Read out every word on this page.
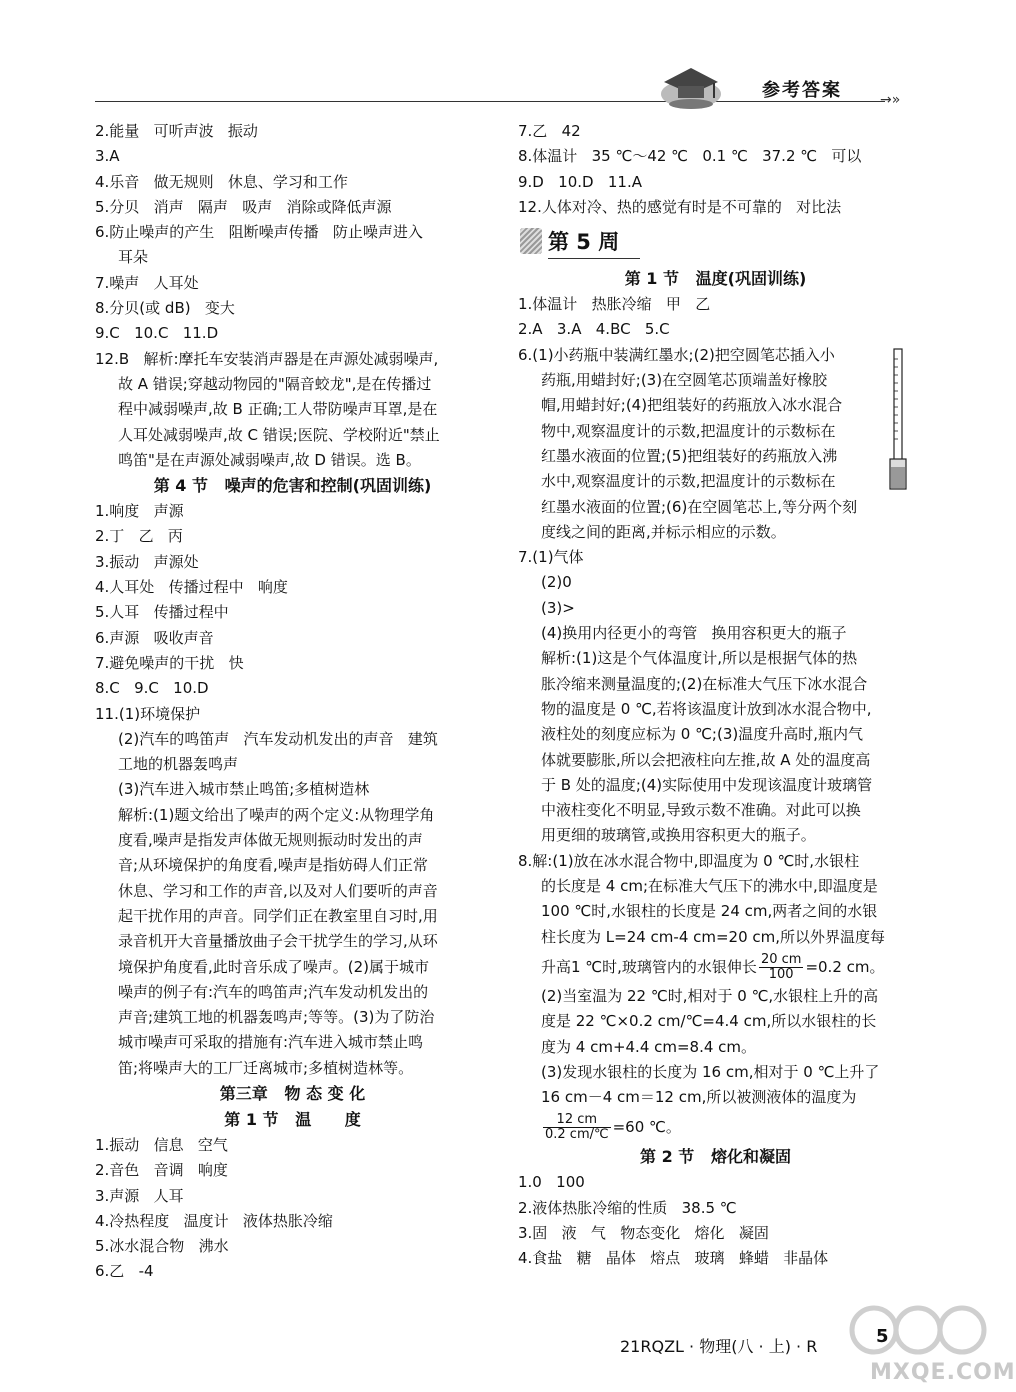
→»
参考答案
2.能量   可听声波   振动
3.A
4.乐音   做无规则   休息、学习和工作
5.分贝   消声   隔声   吸声   消除或降低声源
6.防止噪声的产生   阻断噪声传播   防止噪声进入
耳朵
7.噪声   人耳处
8.分贝(或 dB)   变大
9.C   10.C   11.D
12.B   解析:摩托车安装消声器是在声源处减弱噪声,
故 A 错误;穿越动物园的"隔音蛟龙",是在传播过
程中减弱噪声,故 B 正确;工人带防噪声耳罩,是在
人耳处减弱噪声,故 C 错误;医院、学校附近"禁止
鸣笛"是在声源处减弱噪声,故 D 错误。选 B。
第 4 节   噪声的危害和控制(巩固训练)
1.响度   声源
2.丁   乙   丙
3.振动   声源处
4.人耳处   传播过程中   响度
5.人耳   传播过程中
6.声源   吸收声音
7.避免噪声的干扰   快
8.C   9.C   10.D
11.(1)环境保护
(2)汽车的鸣笛声   汽车发动机发出的声音   建筑
工地的机器轰鸣声
(3)汽车进入城市禁止鸣笛;多植树造林
解析:(1)题文给出了噪声的两个定义:从物理学角
度看,噪声是指发声体做无规则振动时发出的声
音;从环境保护的角度看,噪声是指妨碍人们正常
休息、学习和工作的声音,以及对人们要听的声音
起干扰作用的声音。同学们正在教室里自习时,用
录音机开大音量播放曲子会干扰学生的学习,从环
境保护角度看,此时音乐成了噪声。(2)属于城市
噪声的例子有:汽车的鸣笛声;汽车发动机发出的
声音;建筑工地的机器轰鸣声;等等。(3)为了防治
城市噪声可采取的措施有:汽车进入城市禁止鸣
笛;将噪声大的工厂迁离城市;多植树造林等。
第三章   物 态 变 化
第 1 节   温      度
1.振动   信息   空气
2.音色   音调   响度
3.声源   人耳
4.冷热程度   温度计   液体热胀冷缩
5.冰水混合物   沸水
6.乙   -4
7.乙   42
8.体温计   35 ℃～42 ℃   0.1 ℃   37.2 ℃   可以
9.D   10.D   11.A
12.人体对冷、热的感觉有时是不可靠的   对比法
第 5 周
第 1 节   温度(巩固训练)
1.体温计   热胀冷缩   甲   乙
2.A   3.A   4.BC   5.C
6.(1)小药瓶中装满红墨水;(2)把空圆笔芯插入小
药瓶,用蜡封好;(3)在空圆笔芯顶端盖好橡胶
帽,用蜡封好;(4)把组装好的药瓶放入冰水混合
物中,观察温度计的示数,把温度计的示数标在
红墨水液面的位置;(5)把组装好的药瓶放入沸
水中,观察温度计的示数,把温度计的示数标在
红墨水液面的位置;(6)在空圆笔芯上,等分两个刻
度线之间的距离,并标示相应的示数。
7.(1)气体
(2)0
(3)>
(4)换用内径更小的弯管   换用容积更大的瓶子
解析:(1)这是个气体温度计,所以是根据气体的热
胀冷缩来测量温度的;(2)在标准大气压下冰水混合
物的温度是 0 ℃,若将该温度计放到冰水混合物中,
液柱处的刻度应标为 0 ℃;(3)温度升高时,瓶内气
体就要膨胀,所以会把液柱向左推,故 A 处的温度高
于 B 处的温度;(4)实际使用中发现该温度计玻璃管
中液柱变化不明显,导致示数不准确。对此可以换
用更细的玻璃管,或换用容积更大的瓶子。
8.解:(1)放在冰水混合物中,即温度为 0 ℃时,水银柱
的长度是 4 cm;在标准大气压下的沸水中,即温度是
100 ℃时,水银柱的长度是 24 cm,两者之间的水银
柱长度为 L=24 cm-4 cm=20 cm,所以外界温度每
升高1 ℃时,玻璃管内的水银伸长 $\frac{20 cm}{100} =0.2$ cm。
(2)当室温为 22 ℃时,相对于 0 ℃,水银柱上升的高
度是 22 ℃×0.2 cm/℃=4.4 cm,所以水银柱的长
度为 4 cm+4.4 cm=8.4 cm。
(3)发现水银柱的长度为 16 cm,相对于 0 ℃上升了
16 cm－4 cm＝12 cm,所以被测液体的温度为
$\frac{12 cm}{0.2 cm/℃} =60$ ℃。
第 2 节   熔化和凝固
1.0   100
2.液体热胀冷缩的性质   38.5 ℃
3.固   液   气   物态变化   熔化   凝固
4.食盐   糖   晶体   熔点   玻璃   蜂蜡   非晶体
21RQZL · 物理(八 · 上) · R	5
MXQE.COM
